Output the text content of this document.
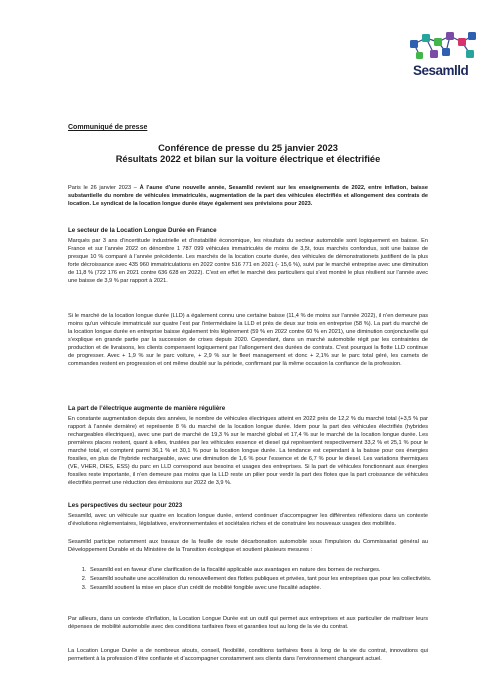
Sesamlld
Communiqué de presse
Conférence de presse du 25 janvier 2023
Résultats 2022 et bilan sur la voiture électrique et électrifiée

Paris le 26 janvier 2023 – À l’aune d’une nouvelle année, Sesamlld revient sur les enseignements de 2022, entre inflation, baisse substantielle du nombre de véhicules immatriculés, augmentation de la part des véhicules électrifiés et allongement des contrats de location. Le syndicat de la location longue durée étaye également ses prévisions pour 2023.

Le secteur de la Location Longue Durée en France

Marqués par 3 ans d’incertitude industrielle et d’instabilité économique, les résultats du secteur automobile sont logiquement en baisse. En France et sur l’année 2022 on dénombre 1 787 099 véhicules immatriculés de moins de 3,5t, tous marchés confondus, soit une baisse de presque 10 % comparé à l’année précédente. Les marchés de la location courte durée, des véhicules de démonstrationets justifient de la plus forte décroissance avec 435 960 immatriculations en 2022 contre 516 771 en 2021 (- 15,6 %), suivi par le marché entreprise avec une diminution de 11,8 % (722 176 en 2021 contre 636 628 en 2022). C’est en effet le marché des particuliers qui s’est montré le plus résilient sur l’année avec une baisse de 3,9 % par rapport à 2021.

Si le marché de la location longue durée (LLD) a également connu une certaine baisse (11,4 % de moins sur l’année 2022), il n’en demeure pas moins qu’un véhicule immatriculé sur quatre l’est par l’intermédiaire la LLD et près de deux sur trois en entreprise (58 %). La part du marché de la location longue durée en entreprise baisse également très légèrement (59 % en 2022 contre 60 % en 2021), une diminution conjoncturelle qui s’explique en grande partie par la succession de crises depuis 2020. Cependant, dans un marché automobile régit par les contraintes de production et de livraisons, les clients compensent logiquement par l’allongement des durées de contrats. C’est pourquoi la flotte LLD continue de progresser. Avec + 1,9 % sur le parc voiture, + 2,9 % sur le fleet management et donc + 2,1% sur le parc total géré, les carnets de commandes restent en progression et ont même doublé sur la période, confirmant par là même occasion la confiance de la profession.

La part de l’électrique augmente de manière régulière

En constante augmentation depuis des années, le nombre de véhicules électriques atteint en 2022 près de 12,2 % du marché total (+3,5 % par rapport à l’année dernière) et représente 8 % du marché de la location longue durée. Idem pour la part des véhicules électrifiés (hybrides rechargeables électriques), avec une part de marché de 19,3 % sur le marché global et 17,4 % sur le marché de la location longue durée. Les premières places restent, quant à elles, trustées par les véhicules essence et diesel qui représentent respectivement 33,2 % et 25,1 % pour le marché total, et comptent parmi 36,1 % et 30,1 % pour la location longue durée. La tendance est cependant à la baisse pour ces énergies fossiles, en plus de l’hybride rechargeable, avec une diminution de 1,6 % pour l’essence et de 6,7 % pour le diesel. Les variations thermiques (VE, VHER, DIES, ESS) du parc en LLD correspond aux besoins et usages des entreprises. Si la part de véhicules fonctionnant aux énergies fossiles reste importante, il n’en demeure pas moins que la LLD reste un pilier pour verdir la part des flotes que la part croissance de véhicules électrifiés permet une réduction des émissions sur 2022 de 3,9 %.

Les perspectives du secteur pour 2023

Sesamlld, avec un véhicule sur quatre en location longue durée, entend continuer d’accompagner les différentes réflexions dans un contexte d’évolutions réglementaires, législatives, environnementales et sociétales riches et de construire les nouveaux usages des mobilités.

Sesamlld participe notamment aux travaux de la feuille de route décarbonation automobile sous l’impulsion du Commissariat général au Développement Durable et du Ministère de la Transition écologique et soutient plusieurs mesures :

1. Sesamlld est en faveur d’une clarification de la fiscalité applicable aux avantages en nature des bornes de recharges.
2. Sesamlld souhaite une accélération du renouvellement des flottes publiques et privées, tant pour les entreprises que pour les collectivités.
3. Sesamlld soutient la mise en place d’un crédit de mobilité fongible avec une fiscalité adaptée.

Par ailleurs, dans un contexte d’inflation, la Location Longue Durée est un outil qui permet aux entreprises et aux particulier de maîtriser leurs dépenses de mobilité automobile avec des conditions tarifaires fixes et garanties tout au long de la vie du contrat.

La Location Longue Durée a de nombreux atouts, conseil, flexibilité, conditions tarifaires fixes à long de la vie du contrat, innovations qui permettent à la profession d’être confiante et d’accompagner constamment ses clients dans l’environnement changeant actuel.
